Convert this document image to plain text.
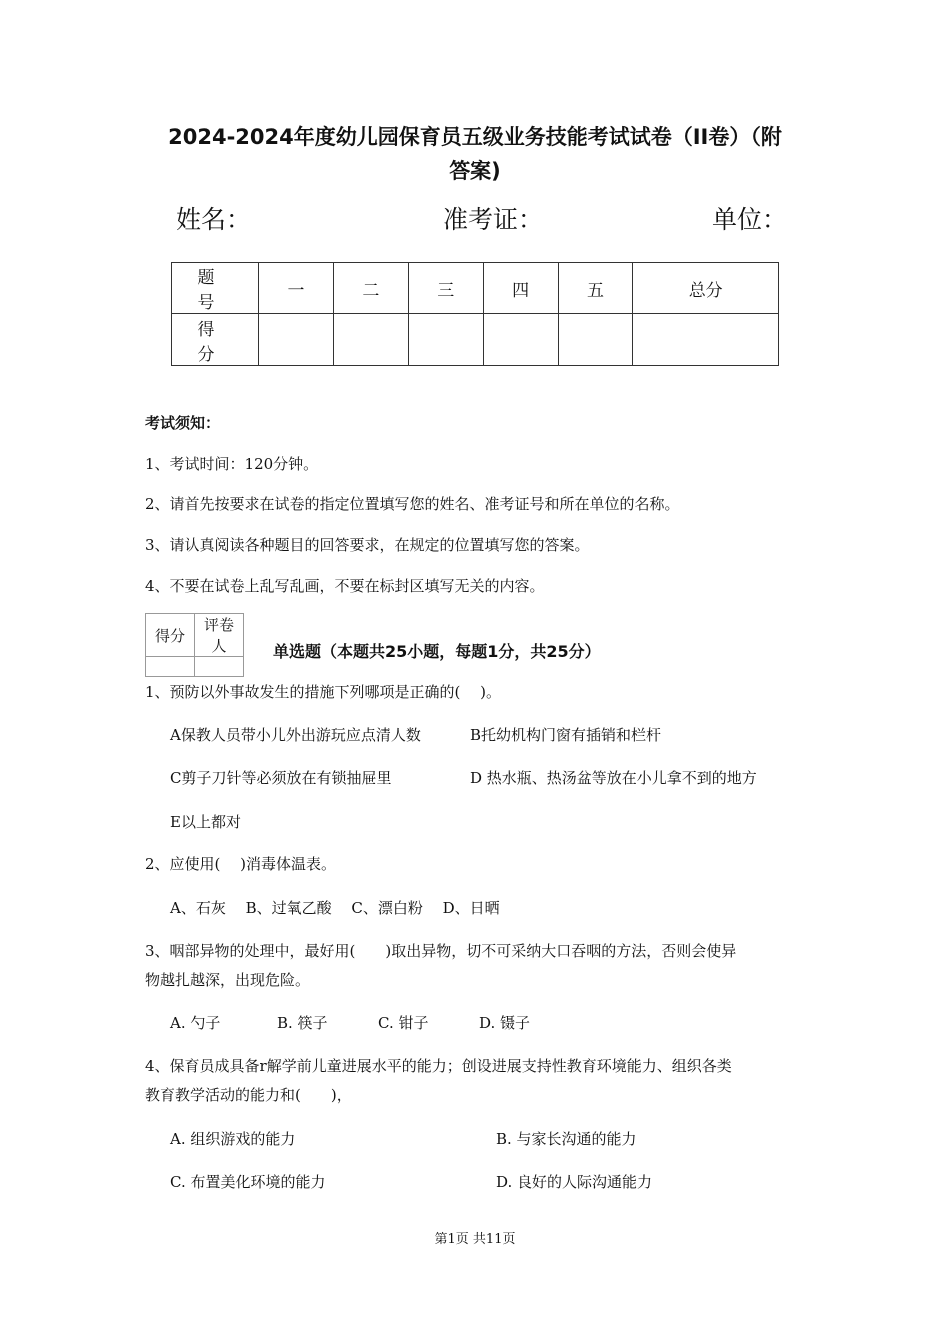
2024-2024年度幼儿园保育员五级业务技能考试试卷（II卷）（附
答案)
姓名：	准考证：	单位：
题 号	一	二	三	四	五	总分
得 分						
考试须知：
1、考试时间：120分钟。
2、请首先按要求在试卷的指定位置填写您的姓名、准考证号和所在单位的名称。
3、请认真阅读各种题目的回答要求，在规定的位置填写您的答案。
4、不要在试卷上乱写乱画，不要在标封区填写无关的内容。
得分	评卷人
		单选题（本题共25小题，每题1分，共25分）
1、预防以外事故发生的措施下列哪项是正确的(　 )。
A保教人员带小儿外出游玩应点清人数	B托幼机构门窗有插销和栏杆
C剪子刀针等必须放在有锁抽屉里	D 热水瓶、热汤盆等放在小儿拿不到的地方
E以上都对
2、应使用(　 )消毒体温表。
A、石灰　 B、过氧乙酸　 C、漂白粉　 D、日晒
3、咽部异物的处理中，最好用(　　)取出异物，切不可采纳大口吞咽的方法，否则会使异
物越扎越深，出现危险。
A. 勺子	B. 筷子	C. 钳子	D. 镊子
4、保育员成具备r解学前儿童进展水平的能力；创设进展支持性教育环境能力、组织各类
教育教学活动的能力和(　　)，
A. 组织游戏的能力	B. 与家长沟通的能力
C. 布置美化环境的能力	D. 良好的人际沟通能力
第1页 共11页
